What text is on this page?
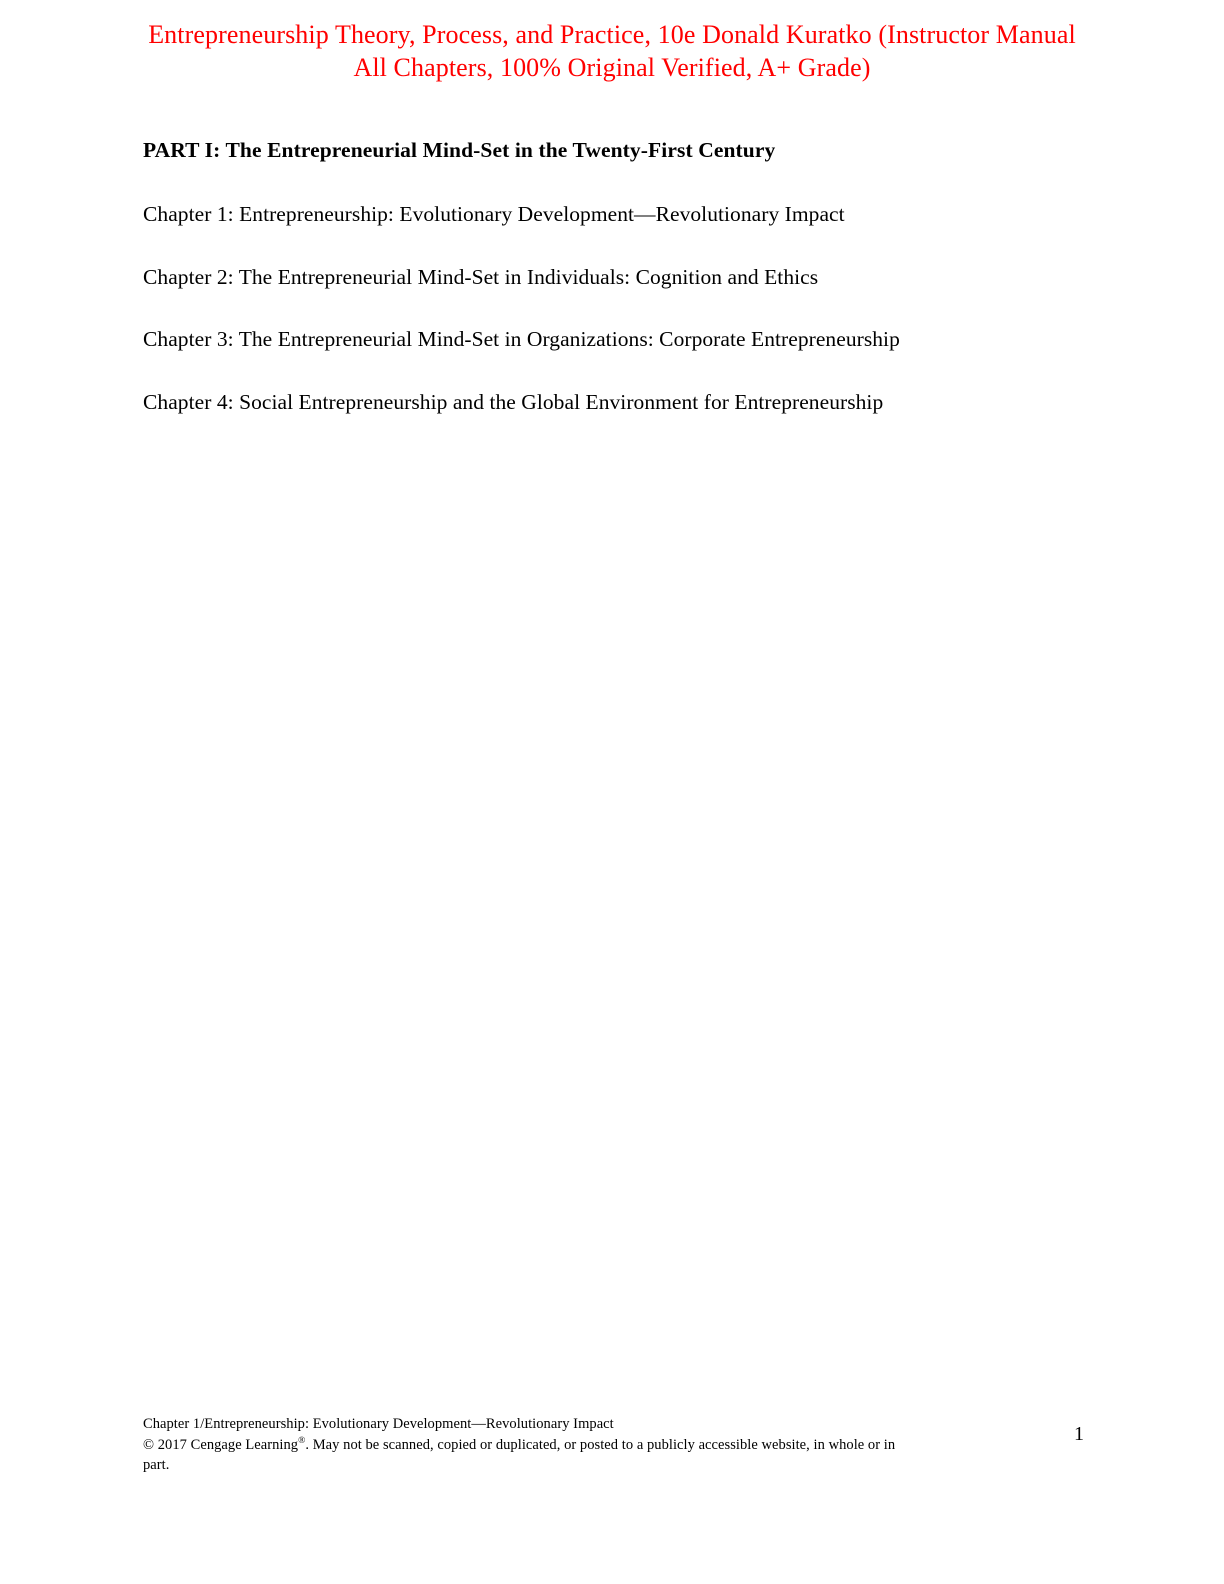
Entrepreneurship Theory, Process, and Practice, 10e Donald Kuratko (Instructor Manual
All Chapters, 100% Original Verified, A+ Grade)

PART I: The Entrepreneurial Mind-Set in the Twenty-First Century

Chapter 1: Entrepreneurship: Evolutionary Development—Revolutionary Impact

Chapter 2: The Entrepreneurial Mind-Set in Individuals: Cognition and Ethics

Chapter 3: The Entrepreneurial Mind-Set in Organizations: Corporate Entrepreneurship

Chapter 4: Social Entrepreneurship and the Global Environment for Entrepreneurship

Chapter 1/Entrepreneurship: Evolutionary Development—Revolutionary Impact
© 2017 Cengage Learning®. May not be scanned, copied or duplicated, or posted to a publicly accessible website, in whole or in
part.
1
